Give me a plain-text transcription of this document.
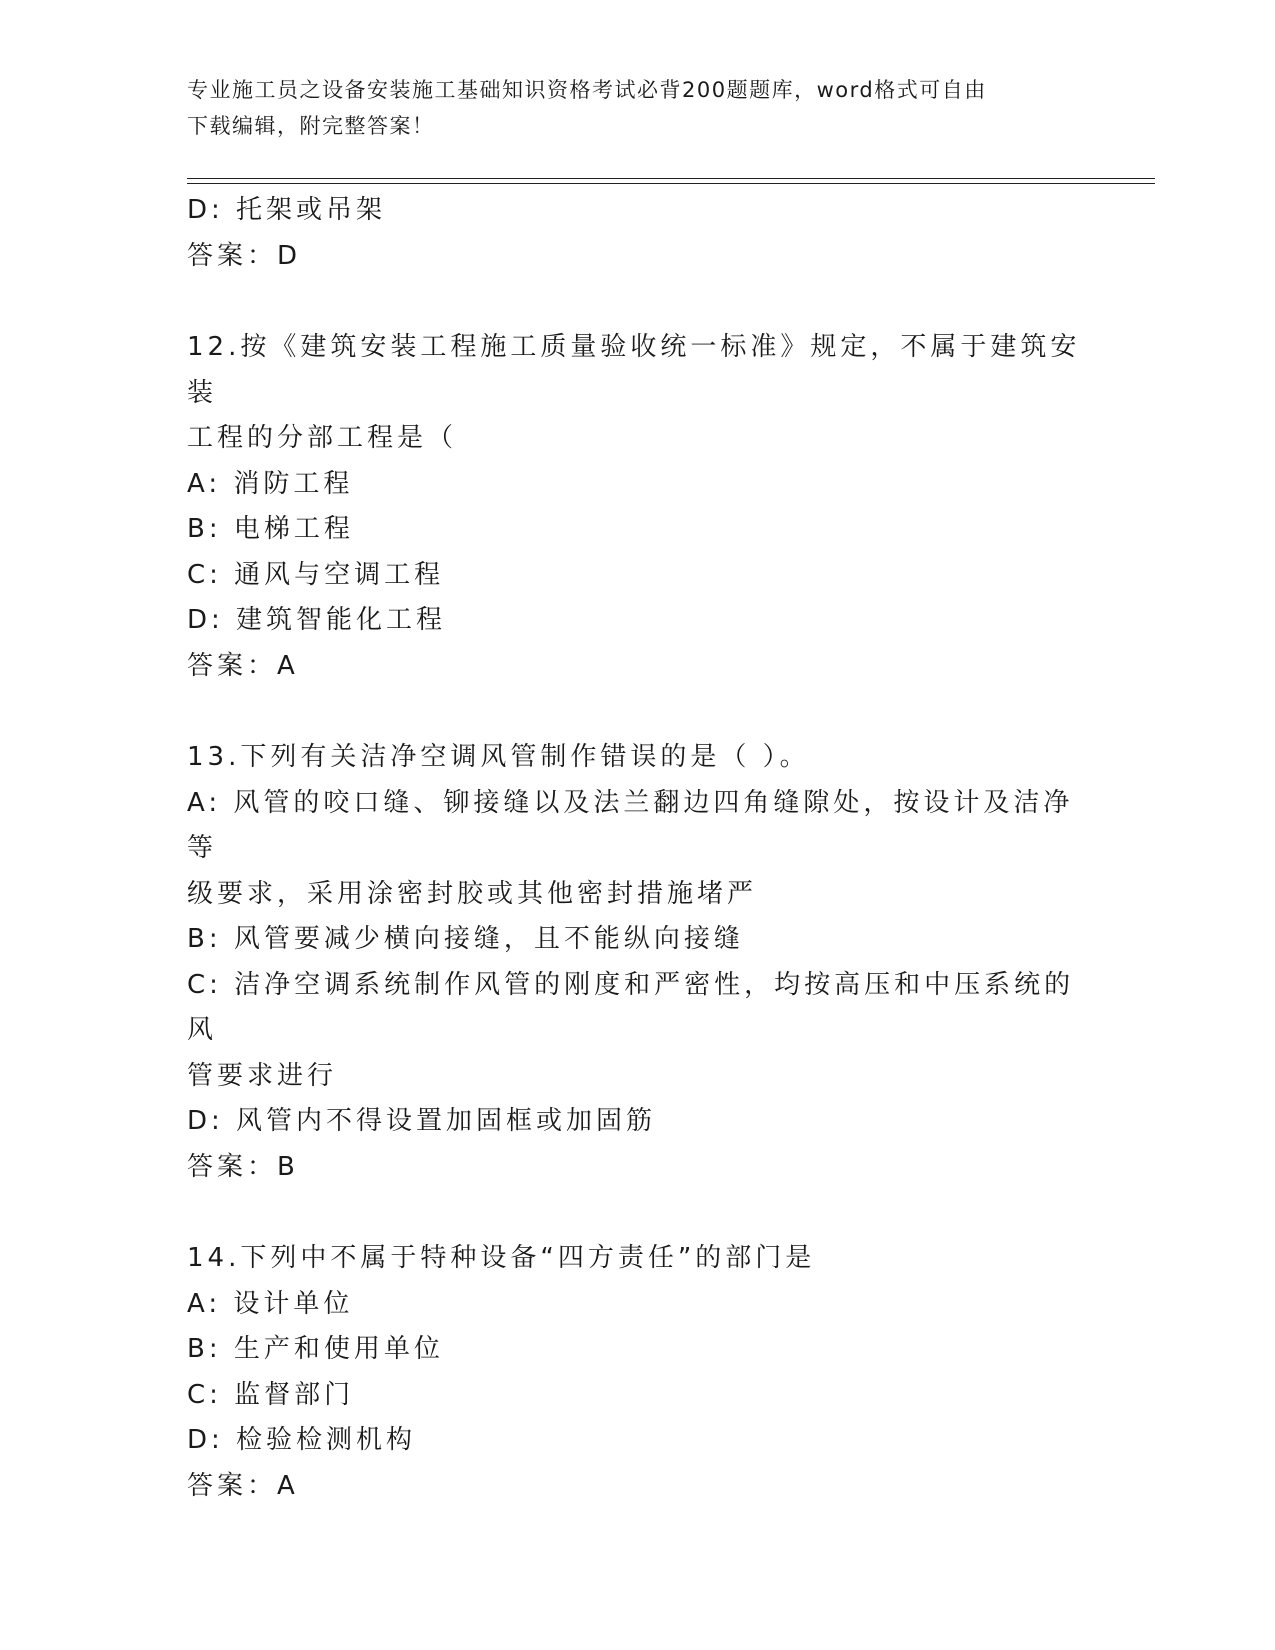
专业施工员之设备安装施工基础知识资格考试必背200题题库，word格式可自由
下载编辑，附完整答案！
D: 托架或吊架
答案：D
12.按《建筑安装工程施工质量验收统一标准》规定，不属于建筑安装
工程的分部工程是（
A: 消防工程
B: 电梯工程
C: 通风与空调工程
D: 建筑智能化工程
答案：A
13.下列有关洁净空调风管制作错误的是（ ）。
A: 风管的咬口缝、铆接缝以及法兰翻边四角缝隙处，按设计及洁净等
级要求，采用涂密封胶或其他密封措施堵严
B: 风管要减少横向接缝，且不能纵向接缝
C: 洁净空调系统制作风管的刚度和严密性，均按高压和中压系统的风
管要求进行
D: 风管内不得设置加固框或加固筋
答案：B
14.下列中不属于特种设备“四方责任”的部门是
A: 设计单位
B: 生产和使用单位
C: 监督部门
D: 检验检测机构
答案：A
